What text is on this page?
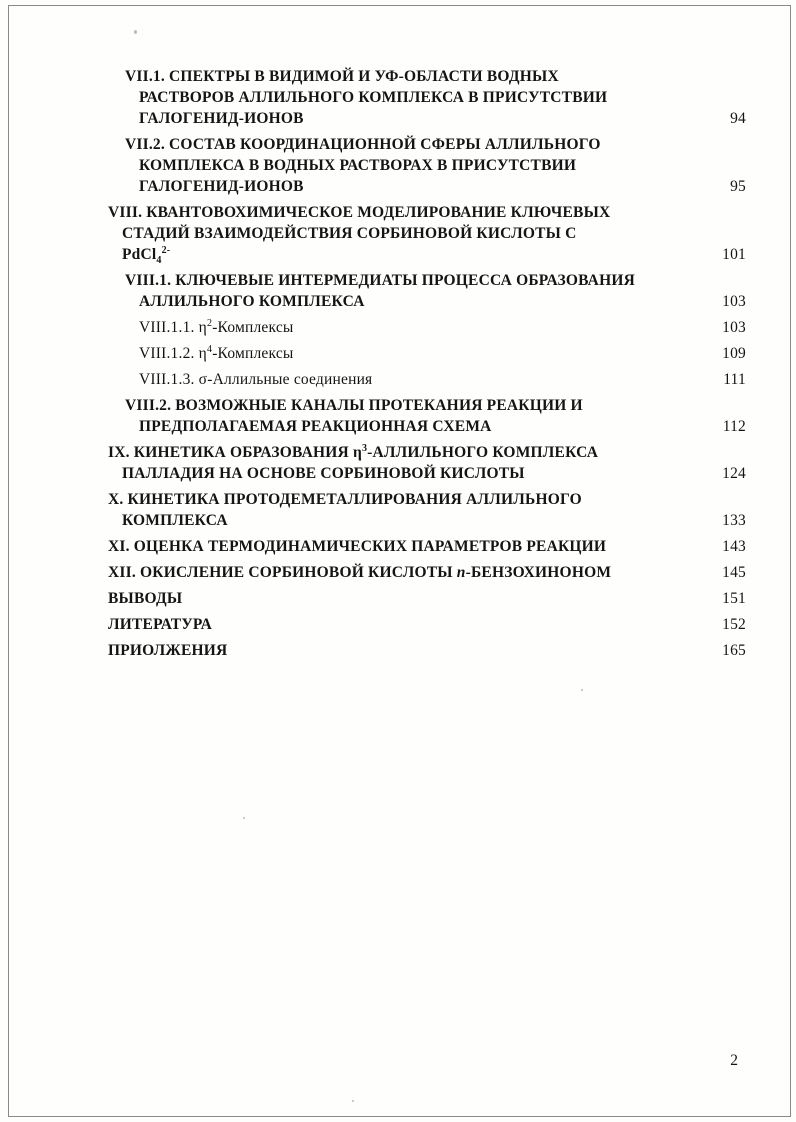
VII.1. СПЕКТРЫ В ВИДИМОЙ И УФ-ОБЛАСТИ ВОДНЫХ
РАСТВОРОВ АЛЛИЛЬНОГО КОМПЛЕКСА В ПРИСУТСТВИИ
ГАЛОГЕНИД-ИОНОВ	94
VII.2. СОСТАВ КООРДИНАЦИОННОЙ СФЕРЫ АЛЛИЛЬНОГО
КОМПЛЕКСА В ВОДНЫХ РАСТВОРАХ В ПРИСУТСТВИИ
ГАЛОГЕНИД-ИОНОВ	95
VIII. КВАНТОВОХИМИЧЕСКОЕ МОДЕЛИРОВАНИЕ КЛЮЧЕВЫХ
СТАДИЙ ВЗАИМОДЕЙСТВИЯ СОРБИНОВОЙ КИСЛОТЫ С
PdCl$_4^{2-}$	101
VIII.1. КЛЮЧЕВЫЕ ИНТЕРМЕДИАТЫ ПРОЦЕССА ОБРАЗОВАНИЯ
АЛЛИЛЬНОГО КОМПЛЕКСА	103
VIII.1.1. $\eta^2$-Комплексы	103
VIII.1.2. $\eta^4$-Комплексы	109
VIII.1.3. σ-Аллильные соединения	111
VIII.2. ВОЗМОЖНЫЕ КАНАЛЫ ПРОТЕКАНИЯ РЕАКЦИИ И
ПРЕДПОЛАГАЕМАЯ РЕАКЦИОННАЯ СХЕМА	112
IX. КИНЕТИКА ОБРАЗОВАНИЯ $\eta^3$-АЛЛИЛЬНОГО КОМПЛЕКСА
ПАЛЛАДИЯ НА ОСНОВЕ СОРБИНОВОЙ КИСЛОТЫ	124
X. КИНЕТИКА ПРОТОДЕМЕТАЛЛИРОВАНИЯ АЛЛИЛЬНОГО
КОМПЛЕКСА	133
XI. ОЦЕНКА ТЕРМОДИНАМИЧЕСКИХ ПАРАМЕТРОВ РЕАКЦИИ	143
XII. ОКИСЛЕНИЕ СОРБИНОВОЙ КИСЛОТЫ n-БЕНЗОХИНОНОМ	145
ВЫВОДЫ	151
ЛИТЕРАТУРА	152
ПРИОЛЖЕНИЯ	165
2
